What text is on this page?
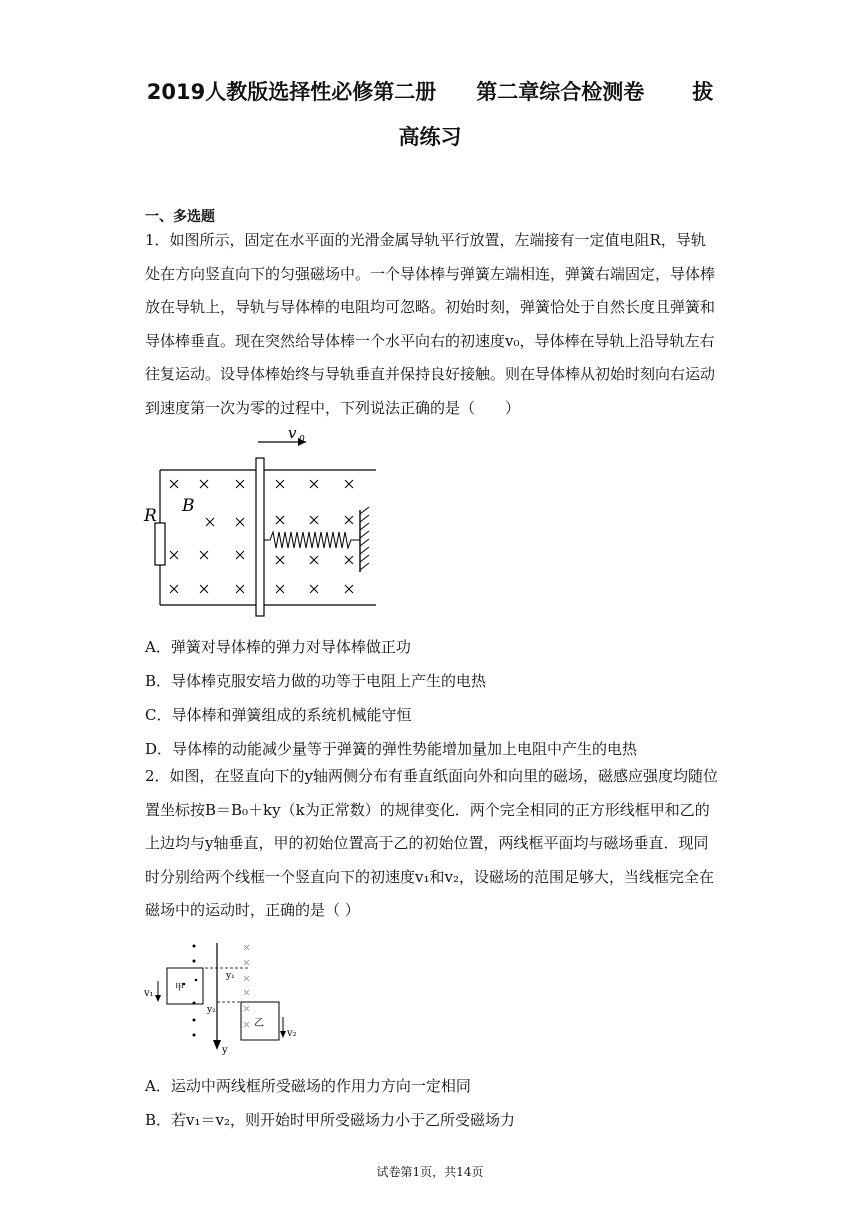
2019人教版选择性必修第二册 第二章综合检测卷 拔
高练习
一、多选题
1．如图所示，固定在水平面的光滑金属导轨平行放置，左端接有一定值电阻R，导轨处在方向竖直向下的匀强磁场中。一个导体棒与弹簧左端相连，弹簧右端固定，导体棒放在导轨上，导轨与导体棒的电阻均可忽略。初始时刻，弹簧恰处于自然长度且弹簧和导体棒垂直。现在突然给导体棒一个水平向右的初速度v₀，导体棒在导轨上沿导轨左右往复运动。设导体棒始终与导轨垂直并保持良好接触。则在导体棒从初始时刻向右运动到速度第一次为零的过程中，下列说法正确的是（　　）
v 0
R B
A．弹簧对导体棒的弹力对导体棒做正功
B．导体棒克服安培力做的功等于电阻上产生的电热
C．导体棒和弹簧组成的系统机械能守恒
D．导体棒的动能减少量等于弹簧的弹性势能增加量加上电阻中产生的电热
2．如图，在竖直向下的y轴两侧分布有垂直纸面向外和向里的磁场，磁感应强度均随位置坐标按B＝B₀＋ky（k为正常数）的规律变化．两个完全相同的正方形线框甲和乙的上边均与y轴垂直，甲的初始位置高于乙的初始位置，两线框平面均与磁场垂直．现同时分别给两个线框一个竖直向下的初速度v₁和v₂，设磁场的范围足够大，当线框完全在磁场中的运动时，正确的是（ ）
y
y₁
y₂
甲
v₁
乙
v₂
A．运动中两线框所受磁场的作用力方向一定相同
B．若v₁＝v₂，则开始时甲所受磁场力小于乙所受磁场力
试卷第1页，共14页
